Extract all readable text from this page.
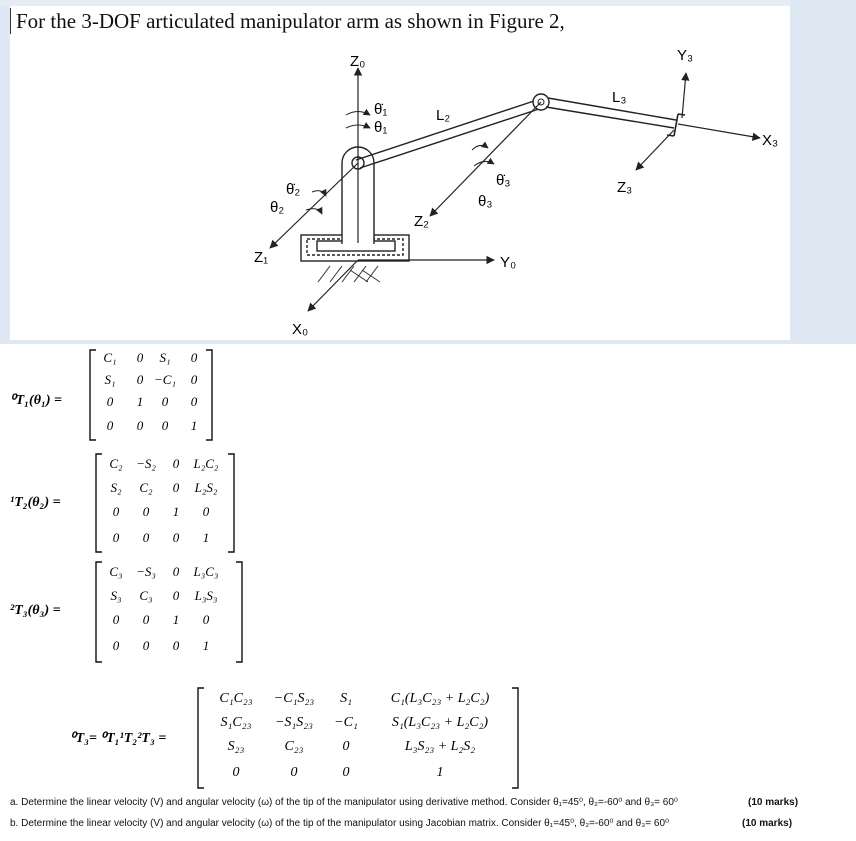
For the 3-DOF articulated manipulator arm as shown in Figure 2,
Z₀
θ̇₁
θ₁
L₂
L₃
Y₃
X₃
Z₃
θ̇₃
θ₃
Z₂
θ̇₂
θ₂
Z₁	Y₀
X₀
⁰T₁(θ₁) =
¹T₂(θ₂) =
²T₃(θ₃) =
⁰T₃= ⁰T₁¹T₂²T₃ =
C₁ 0 S₁ 0
S₁ 0 −C₁ 0
0 1 0 0
0 0 0 1
C₂ −S₂ 0 L₂C₂
S₂ C₂ 0 L₂S₂
0 0 1 0
0 0 0 1
C₃ −S₃ 0 L₃C₃
S₃ C₃ 0 L₃S₃
0 0 1 0
0 0 0 1
C₁C₂₃ −C₁S₂₃ S₁	C₁(L₃C₂₃ + L₂C₂)
S₁C₂₃ −S₁S₂₃ −C₁ S₁(L₃C₂₃ + L₂C₂)
S₂₃	C₂₃	0	L₃S₂₃ + L₂S₂
0	0	0	1
a. Determine the linear velocity (V) and angular velocity (ω) of the tip of the manipulator using derivative method. Consider θ₁=45⁰, θ₂=-60⁰ and θ₃= 60⁰	(10 marks)
b. Determine the linear velocity (V) and angular velocity (ω) of the tip of the manipulator using Jacobian matrix. Consider θ₁=45⁰, θ₂=-60⁰ and θ₃= 60⁰	(10 marks)
